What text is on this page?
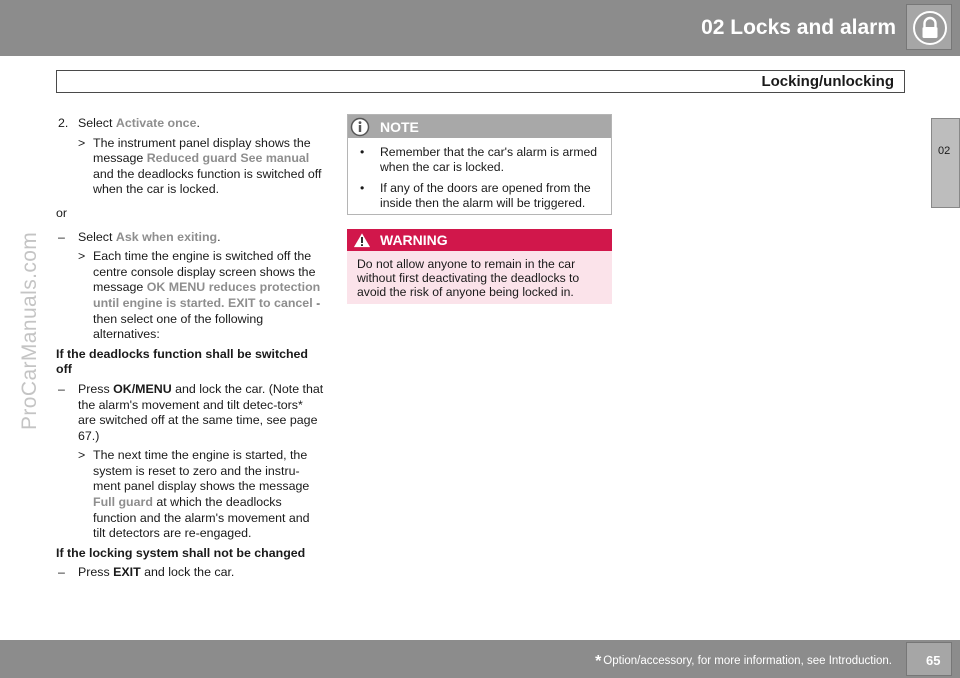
02 Locks and alarm
Locking/unlocking
02
ProCarManuals.com
2. Select Activate once.
> The instrument panel display shows the message Reduced guard See manual and the deadlocks function is switched off when the car is locked.
or
– Select Ask when exiting.
> Each time the engine is switched off the centre console display screen shows the message OK MENU reduces protection until engine is started. EXIT to cancel - then select one of the following alternatives:
If the deadlocks function shall be switched off
– Press OK/MENU and lock the car. (Note that the alarm's movement and tilt detec-tors* are switched off at the same time, see page 67.)
> The next time the engine is started, the system is reset to zero and the instru-ment panel display shows the message Full guard at which the deadlocks function and the alarm's movement and tilt detectors are re-engaged.
If the locking system shall not be changed
– Press EXIT and lock the car.
NOTE
• Remember that the car's alarm is armed when the car is locked.
• If any of the doors are opened from the inside then the alarm will be triggered.
WARNING
Do not allow anyone to remain in the car without first deactivating the deadlocks to avoid the risk of anyone being locked in.
* Option/accessory, for more information, see Introduction.	65
